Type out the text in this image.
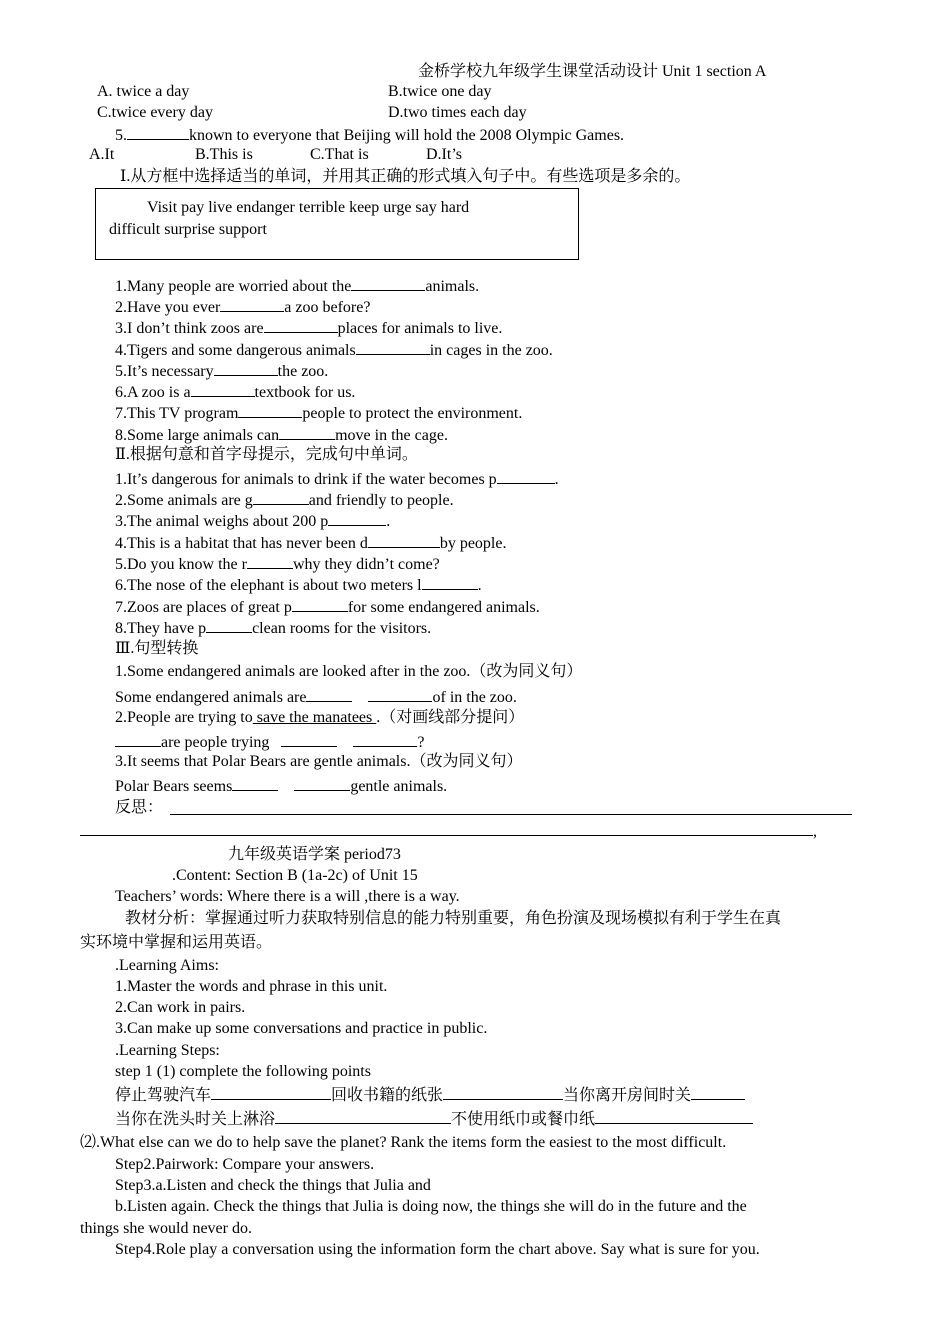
金桥学校九年级学生课堂活动设计 Unit 1 section A
A. twice a day	B.twice one day
C.twice every day	D.two times each day
5.	known to everyone that Beijing will hold the 2008 Olympic Games.
A.It	B.This is	C.That is	D.It’s
Ⅰ.从方框中选择适当的单词，并用其正确的形式填入句子中。有些选项是多余的。
Visit pay live endanger terrible keep urge say hard
difficult surprise support
1.Many people are worried about the	animals.
2.Have you ever	a zoo before?
3.I don’t think zoos are	places for animals to live.
4.Tigers and some dangerous animals	in cages in the zoo.
5.It’s necessary	the zoo.
6.A zoo is a	textbook for us.
7.This TV program	people to protect the environment.
8.Some large animals can	move in the cage.
Ⅱ.根据句意和首字母提示，完成句中单词。
1.It’s dangerous for animals to drink if the water becomes p	.
2.Some animals are g	and friendly to people.
3.The animal weighs about 200 p	.
4.This is a habitat that has never been d	by people.
5.Do you know the r	why they didn’t come?
6.The nose of the elephant is about two meters l	.
7.Zoos are places of great p	for some endangered animals.
8.They have p	clean rooms for the visitors.
Ⅲ.句型转换
1.Some endangered animals are looked after in the zoo.（改为同义句）
Some endangered animals are	of in the zoo.
2.People are trying to save the manatees .（对画线部分提问）
are people trying	?
3.It seems that Polar Bears are gentle animals.（改为同义句）
Polar Bears seems	gentle animals.
反思：
,
九年级英语学案 period73
.Content: Section B (1a-2c) of Unit 15
Teachers’ words: Where there is a will ,there is a way.
教材分析：掌握通过听力获取特别信息的能力特别重要，角色扮演及现场模拟有利于学生在真
实环境中掌握和运用英语。
.Learning Aims:
1.Master the words and phrase in this unit.
2.Can work in pairs.
3.Can make up some conversations and practice in public.
.Learning Steps:
step 1 (1) complete the following points
停止驾驶汽车	回收书籍的纸张	当你离开房间时关
当你在洗头时关上淋浴	不使用纸巾或餐巾纸
⑵.What else can we do to help save the planet? Rank the items form the easiest to the most difficult.
Step2.Pairwork: Compare your answers.
Step3.a.Listen and check the things that Julia and
b.Listen again. Check the things that Julia is doing now, the things she will do in the future and the
things she would never do.
Step4.Role play a conversation using the information form the chart above. Say what is sure for you.
